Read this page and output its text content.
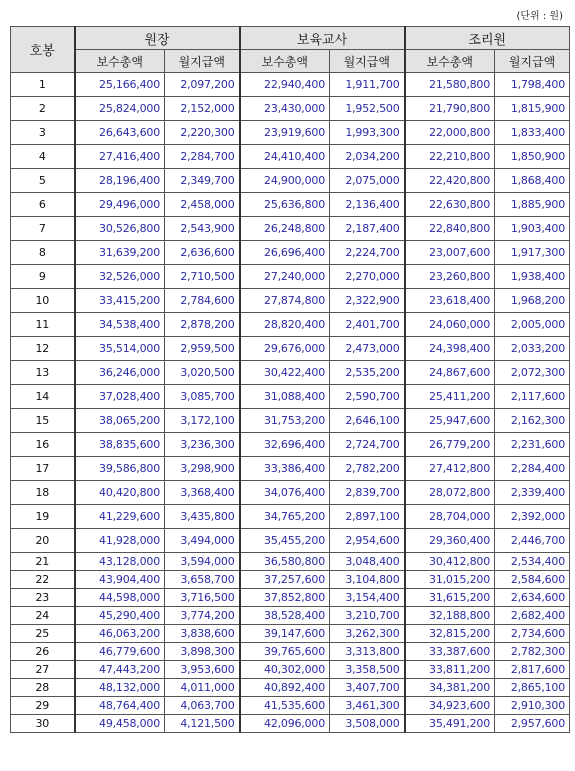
(단위 : 원)
호봉	원장		보육교사		조리원	
	보수총액	월지급액	보수총액	월지급액	보수총액	월지급액
1	25,166,400	2,097,200	22,940,400	1,911,700	21,580,800	1,798,400
2	25,824,000	2,152,000	23,430,000	1,952,500	21,790,800	1,815,900
3	26,643,600	2,220,300	23,919,600	1,993,300	22,000,800	1,833,400
4	27,416,400	2,284,700	24,410,400	2,034,200	22,210,800	1,850,900
5	28,196,400	2,349,700	24,900,000	2,075,000	22,420,800	1,868,400
6	29,496,000	2,458,000	25,636,800	2,136,400	22,630,800	1,885,900
7	30,526,800	2,543,900	26,248,800	2,187,400	22,840,800	1,903,400
8	31,639,200	2,636,600	26,696,400	2,224,700	23,007,600	1,917,300
9	32,526,000	2,710,500	27,240,000	2,270,000	23,260,800	1,938,400
10	33,415,200	2,784,600	27,874,800	2,322,900	23,618,400	1,968,200
11	34,538,400	2,878,200	28,820,400	2,401,700	24,060,000	2,005,000
12	35,514,000	2,959,500	29,676,000	2,473,000	24,398,400	2,033,200
13	36,246,000	3,020,500	30,422,400	2,535,200	24,867,600	2,072,300
14	37,028,400	3,085,700	31,088,400	2,590,700	25,411,200	2,117,600
15	38,065,200	3,172,100	31,753,200	2,646,100	25,947,600	2,162,300
16	38,835,600	3,236,300	32,696,400	2,724,700	26,779,200	2,231,600
17	39,586,800	3,298,900	33,386,400	2,782,200	27,412,800	2,284,400
18	40,420,800	3,368,400	34,076,400	2,839,700	28,072,800	2,339,400
19	41,229,600	3,435,800	34,765,200	2,897,100	28,704,000	2,392,000
20	41,928,000	3,494,000	35,455,200	2,954,600	29,360,400	2,446,700
21	43,128,000	3,594,000	36,580,800	3,048,400	30,412,800	2,534,400
22	43,904,400	3,658,700	37,257,600	3,104,800	31,015,200	2,584,600
23	44,598,000	3,716,500	37,852,800	3,154,400	31,615,200	2,634,600
24	45,290,400	3,774,200	38,528,400	3,210,700	32,188,800	2,682,400
25	46,063,200	3,838,600	39,147,600	3,262,300	32,815,200	2,734,600
26	46,779,600	3,898,300	39,765,600	3,313,800	33,387,600	2,782,300
27	47,443,200	3,953,600	40,302,000	3,358,500	33,811,200	2,817,600
28	48,132,000	4,011,000	40,892,400	3,407,700	34,381,200	2,865,100
29	48,764,400	4,063,700	41,535,600	3,461,300	34,923,600	2,910,300
30	49,458,000	4,121,500	42,096,000	3,508,000	35,491,200	2,957,600
